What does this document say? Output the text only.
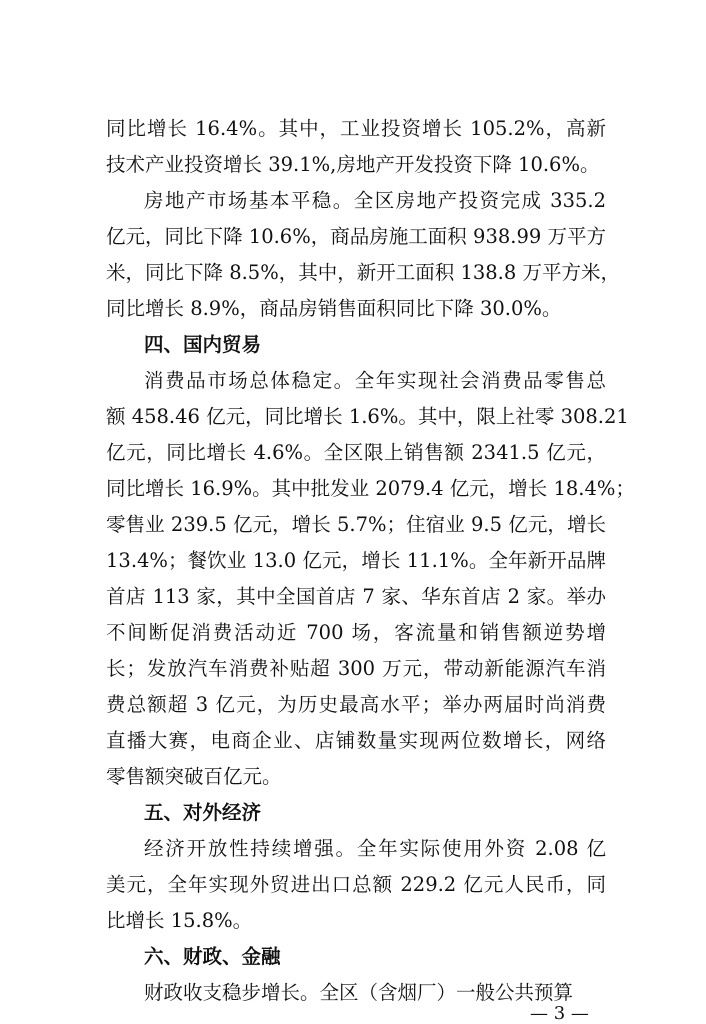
同比增长 16.4%。其中，工业投资增长 105.2%，高新
技术产业投资增长 39.1%,房地产开发投资下降 10.6%。
房地产市场基本平稳。全区房地产投资完成 335.2
亿元，同比下降 10.6%，商品房施工面积 938.99 万平方
米，同比下降 8.5%，其中，新开工面积 138.8 万平方米，
同比增长 8.9%，商品房销售面积同比下降 30.0%。
四、国内贸易
消费品市场总体稳定。全年实现社会消费品零售总
额 458.46 亿元，同比增长 1.6%。其中，限上社零 308.21
亿元，同比增长 4.6%。全区限上销售额 2341.5 亿元，
同比增长 16.9%。其中批发业 2079.4 亿元，增长 18.4%；
零售业 239.5 亿元，增长 5.7%；住宿业 9.5 亿元，增长
13.4%；餐饮业 13.0 亿元，增长 11.1%。全年新开品牌
首店 113 家，其中全国首店 7 家、华东首店 2 家。举办
不间断促消费活动近 700 场，客流量和销售额逆势增
长；发放汽车消费补贴超 300 万元，带动新能源汽车消
费总额超 3 亿元，为历史最高水平；举办两届时尚消费
直播大赛，电商企业、店铺数量实现两位数增长，网络
零售额突破百亿元。
五、对外经济
经济开放性持续增强。全年实际使用外资 2.08 亿
美元，全年实现外贸进出口总额 229.2 亿元人民币，同
比增长 15.8%。
六、财政、金融
财政收支稳步增长。全区（含烟厂）一般公共预算
— 3 —
